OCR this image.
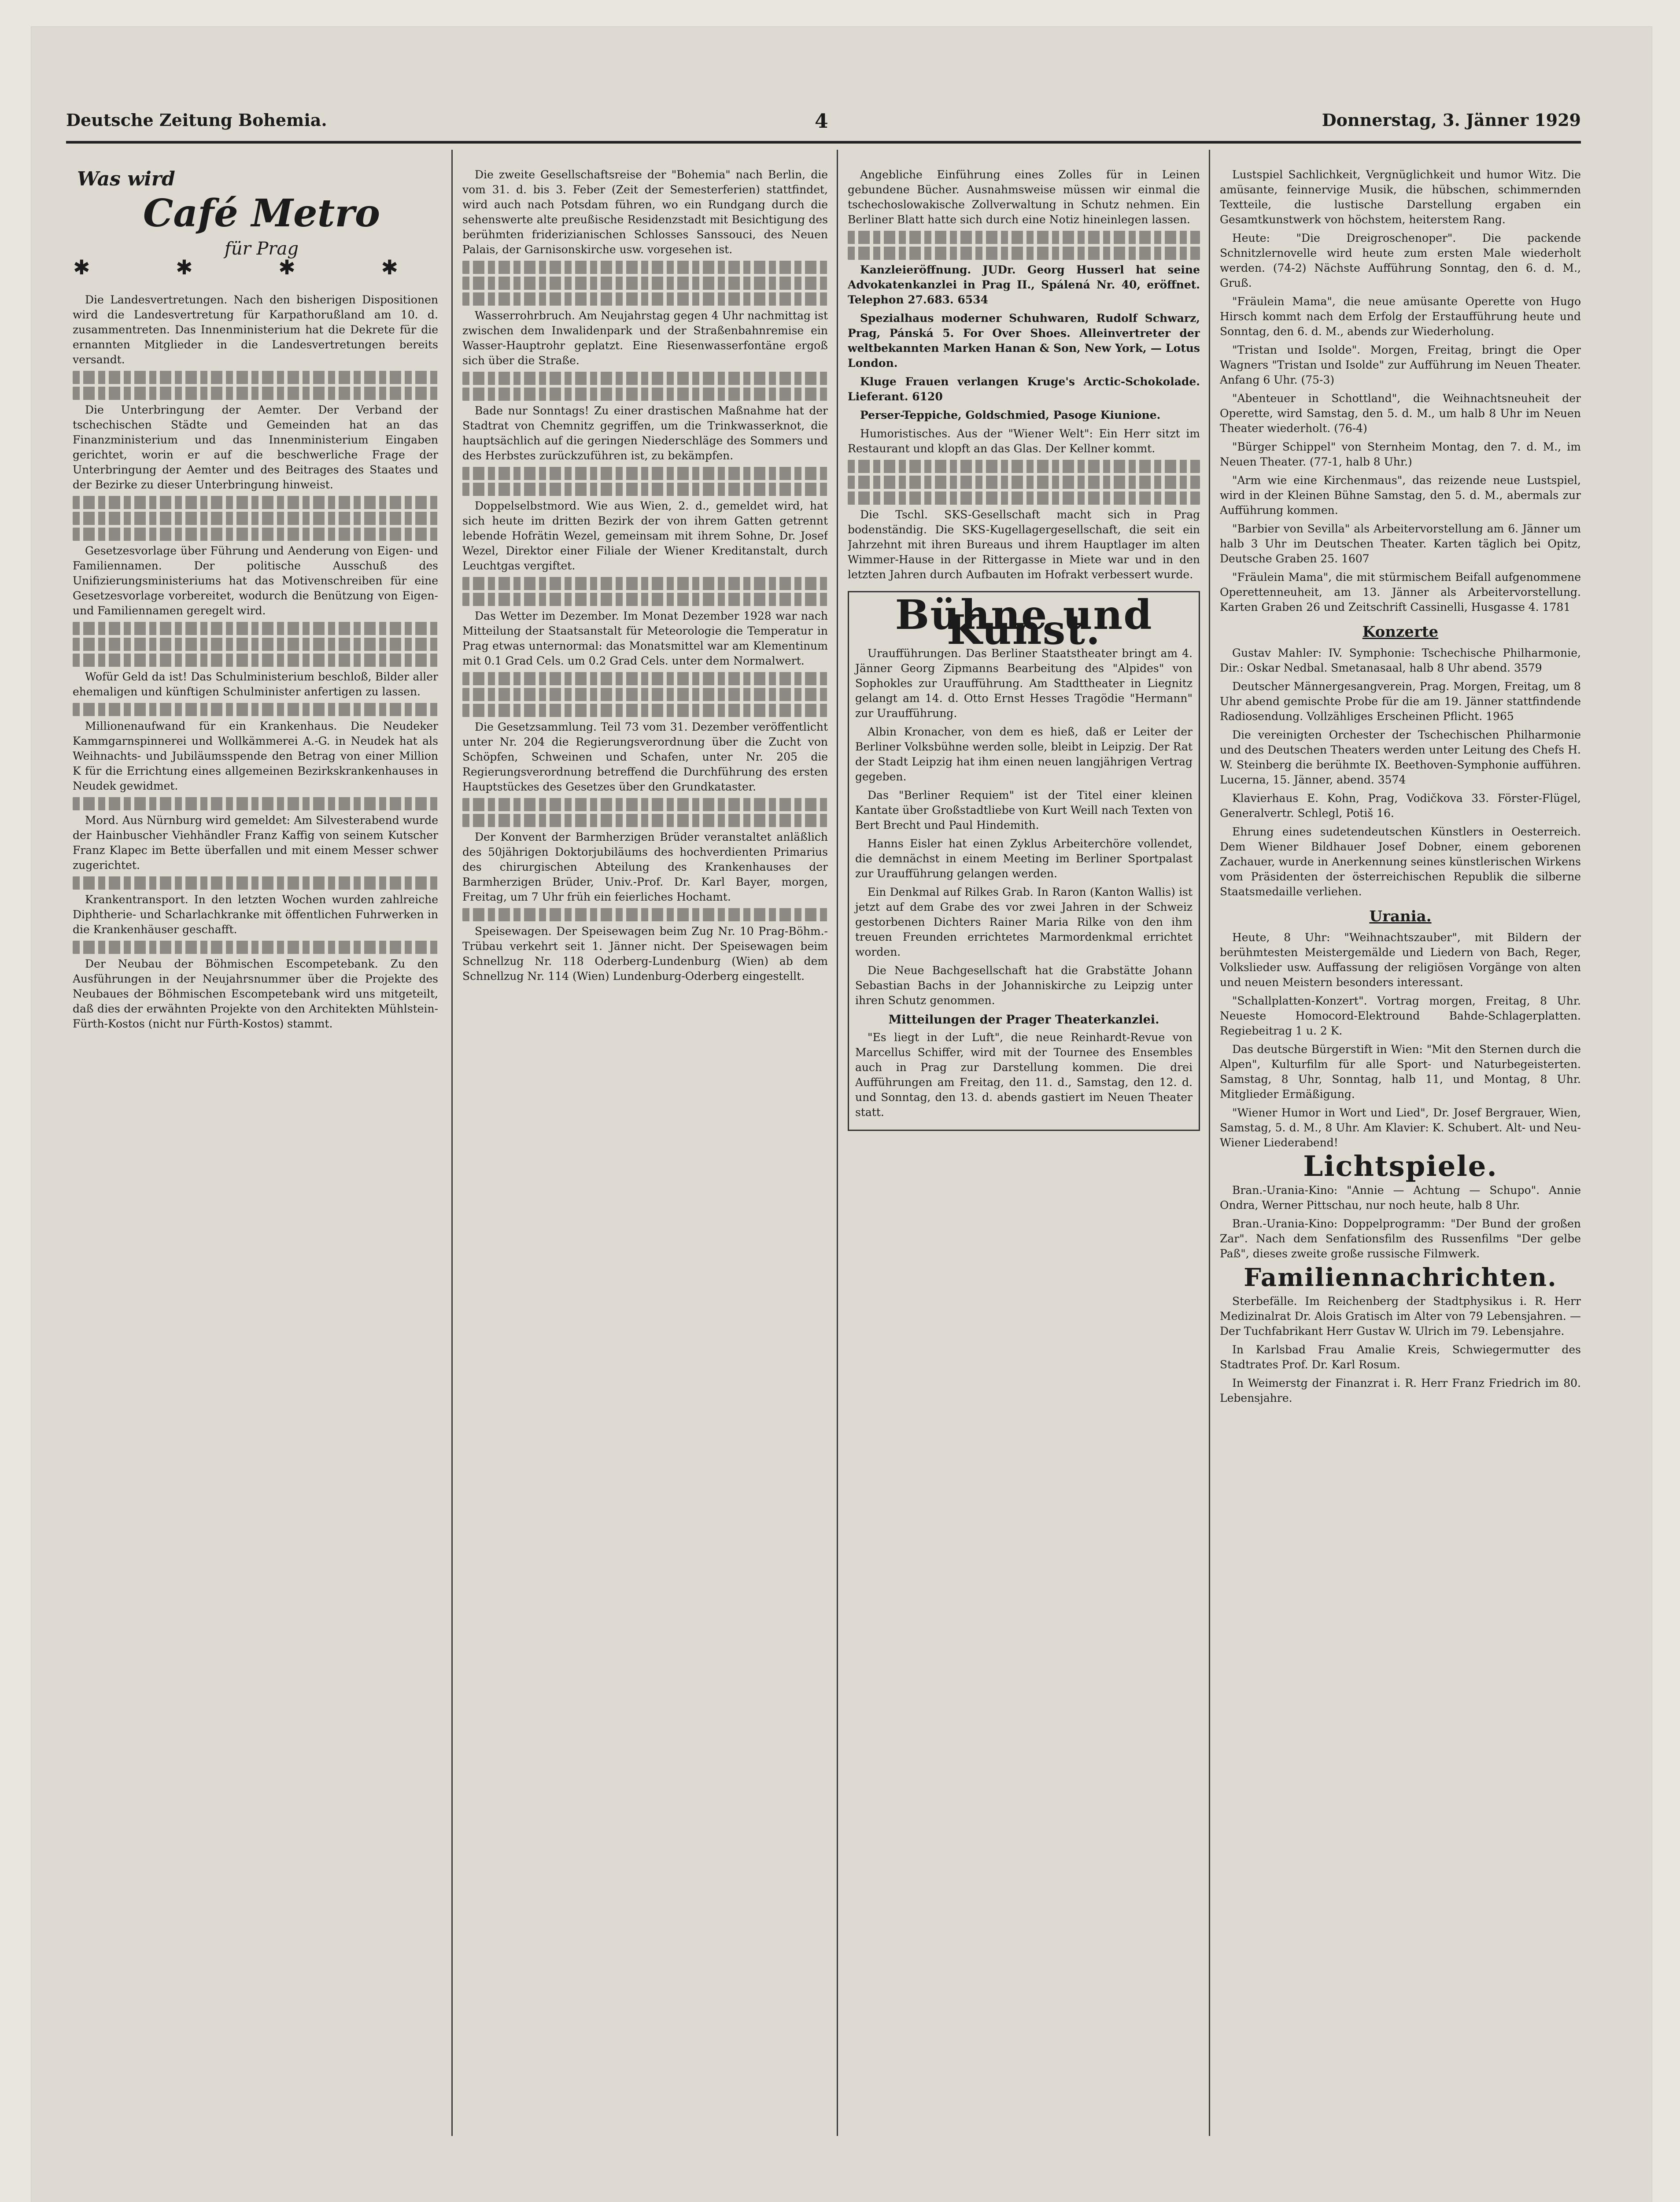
Deutsche Zeitung Bohemia.	4	Donnerstag, 3. Jänner 1929
Was wird

Café Metro

für Prag

✱ ✱ ✱ ✱

Die Landesvertretungen. Nach den bisherigen Dispositionen wird die Landesvertretung für Karpathorußland am 10. d. zusammentreten. Das Innenministerium hat die Dekrete für die ernannten Mitglieder in die Landesvertretungen bereits versandt.

Die Unterbringung der Aemter. Der Verband der tschechischen Städte und Gemeinden hat an das Finanzministerium und das Innenministerium Eingaben gerichtet, worin er auf die beschwerliche Frage der Unterbringung der Aemter und des Beitrages des Staates und der Bezirke zu dieser Unterbringung hinweist.

Gesetzesvorlage über Führung und Aenderung von Eigen- und Familiennamen. Der politische Ausschuß des Unifizierungsministeriums hat das Motivenschreiben für eine Gesetzesvorlage vorbereitet, wodurch die Benützung von Eigen- und Familiennamen geregelt wird.

Wofür Geld da ist! Das Schulministerium beschloß, Bilder aller ehemaligen und künftigen Schulminister anfertigen zu lassen.

Millionenaufwand für ein Krankenhaus. Die Neudeker Kammgarnspinnerei und Wollkämmerei A.-G. in Neudek hat als Weihnachts- und Jubiläumsspende den Betrag von einer Million K für die Errichtung eines allgemeinen Bezirkskrankenhauses in Neudek gewidmet.

Mord. Aus Nürnburg wird gemeldet: Am Silvesterabend wurde der Hainbuscher Viehhändler Franz Kaffig von seinem Kutscher Franz Klapec im Bette überfallen und mit einem Messer schwer zugerichtet.

Krankentransport. In den letzten Wochen wurden zahlreiche Diphtherie- und Scharlachkranke mit öffentlichen Fuhrwerken in die Krankenhäuser geschafft.

Der Neubau der Böhmischen Escompetebank. Zu den Ausführungen in der Neujahrsnummer über die Projekte des Neubaues der Böhmischen Escompetebank wird uns mitgeteilt, daß dies der erwähnten Projekte von den Architekten Mühlstein-Fürth-Kostos (nicht nur Fürth-Kostos) stammt.

Die zweite Gesellschaftsreise der "Bohemia" nach Berlin, die vom 31. d. bis 3. Feber (Zeit der Semesterferien) stattfindet, wird auch nach Potsdam führen, wo ein Rundgang durch die sehenswerte alte preußische Residenzstadt mit Besichtigung des berühmten friderizianischen Schlosses Sanssouci, des Neuen Palais, der Garnisonskirche usw. vorgesehen ist.

Wasserrohrbruch. Am Neujahrstag gegen 4 Uhr nachmittag ist zwischen dem Inwalidenpark und der Straßenbahnremise ein Wasser-Hauptrohr geplatzt. Eine Riesenwasserfontäne ergoß sich über die Straße.

Bade nur Sonntags! Zu einer drastischen Maßnahme hat der Stadtrat von Chemnitz gegriffen, um die Trinkwasserknot, die hauptsächlich auf die geringen Niederschläge des Sommers und des Herbstes zurückzuführen ist, zu bekämpfen.

Doppelselbstmord. Wie aus Wien, 2. d., gemeldet wird, hat sich heute im dritten Bezirk der von ihrem Gatten getrennt lebende Hofrätin Wezel, gemeinsam mit ihrem Sohne, Dr. Josef Wezel, Direktor einer Filiale der Wiener Kreditanstalt, durch Leuchtgas vergiftet.

Das Wetter im Dezember. Im Monat Dezember 1928 war nach Mitteilung der Staatsanstalt für Meteorologie die Temperatur in Prag etwas unternormal: das Monatsmittel war am Klementinum mit 0.1 Grad Cels. um 0.2 Grad Cels. unter dem Normalwert.

Die Gesetzsammlung. Teil 73 vom 31. Dezember veröffentlicht unter Nr. 204 die Regierungsverordnung über die Zucht von Schöpfen, Schweinen und Schafen, unter Nr. 205 die Regierungsverordnung betreffend die Durchführung des ersten Hauptstückes des Gesetzes über den Grundkataster.

Der Konvent der Barmherzigen Brüder veranstaltet anläßlich des 50jährigen Doktorjubiläums des hochverdienten Primarius des chirurgischen Abteilung des Krankenhauses der Barmherzigen Brüder, Univ.-Prof. Dr. Karl Bayer, morgen, Freitag, um 7 Uhr früh ein feierliches Hochamt.

Speisewagen. Der Speisewagen beim Zug Nr. 10 Prag-Böhm.-Trübau verkehrt seit 1. Jänner nicht. Der Speisewagen beim Schnellzug Nr. 118 Oderberg-Lundenburg (Wien) ab dem Schnellzug Nr. 114 (Wien) Lundenburg-Oderberg eingestellt.

Angebliche Einführung eines Zolles für in Leinen gebundene Bücher. Ausnahmsweise müssen wir einmal die tschechoslowakische Zollverwaltung in Schutz nehmen. Ein Berliner Blatt hatte sich durch eine Notiz hineinlegen lassen.

Kanzleieröffnung. JUDr. Georg Husserl hat seine Advokatenkanzlei in Prag II., Spálená Nr. 40, eröffnet. Telephon 27.683. 6534

Spezialhaus moderner Schuhwaren, Rudolf Schwarz, Prag, Pánská 5. For Over Shoes. Alleinvertreter der weltbekannten Marken Hanan & Son, New York, — Lotus London.

Kluge Frauen verlangen Kruge's Arctic-Schokolade. Lieferant. 6120

Perser-Teppiche, Goldschmied, Pasoge Kiunione.

Humoristisches. Aus der "Wiener Welt": Ein Herr sitzt im Restaurant und klopft an das Glas. Der Kellner kommt.

Die Tschl. SKS-Gesellschaft macht sich in Prag bodenständig. Die SKS-Kugellagergesellschaft, die seit ein Jahrzehnt mit ihren Bureaus und ihrem Hauptlager im alten Wimmer-Hause in der Rittergasse in Miete war und in den letzten Jahren durch Aufbauten im Hofrakt verbessert wurde.

Bühne und Kunst.

Uraufführungen. Das Berliner Staatstheater bringt am 4. Jänner Georg Zipmanns Bearbeitung des "Alpides" von Sophokles zur Uraufführung. Am Stadttheater in Liegnitz gelangt am 14. d. Otto Ernst Hesses Tragödie "Hermann" zur Uraufführung.

Albin Kronacher, von dem es hieß, daß er Leiter der Berliner Volksbühne werden solle, bleibt in Leipzig. Der Rat der Stadt Leipzig hat ihm einen neuen langjährigen Vertrag gegeben.

Das "Berliner Requiem" ist der Titel einer kleinen Kantate über Großstadtliebe von Kurt Weill nach Texten von Bert Brecht und Paul Hindemith.

Hanns Eisler hat einen Zyklus Arbeiterchöre vollendet, die demnächst in einem Meeting im Berliner Sportpalast zur Uraufführung gelangen werden.

Ein Denkmal auf Rilkes Grab. In Raron (Kanton Wallis) ist jetzt auf dem Grabe des vor zwei Jahren in der Schweiz gestorbenen Dichters Rainer Maria Rilke von den ihm treuen Freunden errichtetes Marmordenkmal errichtet worden.

Die Neue Bachgesellschaft hat die Grabstätte Johann Sebastian Bachs in der Johanniskirche zu Leipzig unter ihren Schutz genommen.

Mitteilungen der Prager Theaterkanzlei.

"Es liegt in der Luft", die neue Reinhardt-Revue von Marcellus Schiffer, wird mit der Tournee des Ensembles auch in Prag zur Darstellung kommen. Die drei Aufführungen am Freitag, den 11. d., Samstag, den 12. d. und Sonntag, den 13. d. abends gastiert im Neuen Theater statt.

Lustspiel Sachlichkeit, Vergnüglichkeit und humor Witz. Die amüsante, feinnervige Musik, die hübschen, schimmernden Textteile, die lustische Darstellung ergaben ein Gesamtkunstwerk von höchstem, heiterstem Rang.

Heute: "Die Dreigroschenoper". Die packende Schnitzlernovelle wird heute zum ersten Male wiederholt werden. (74-2) Nächste Aufführung Sonntag, den 6. d. M., Gruß.

"Fräulein Mama", die neue amüsante Operette von Hugo Hirsch kommt nach dem Erfolg der Erstaufführung heute und Sonntag, den 6. d. M., abends zur Wiederholung.

"Tristan und Isolde". Morgen, Freitag, bringt die Oper Wagners "Tristan und Isolde" zur Aufführung im Neuen Theater. Anfang 6 Uhr. (75-3)

"Abenteuer in Schottland", die Weihnachtsneuheit der Operette, wird Samstag, den 5. d. M., um halb 8 Uhr im Neuen Theater wiederholt. (76-4)

"Bürger Schippel" von Sternheim Montag, den 7. d. M., im Neuen Theater. (77-1, halb 8 Uhr.)

"Arm wie eine Kirchenmaus", das reizende neue Lustspiel, wird in der Kleinen Bühne Samstag, den 5. d. M., abermals zur Aufführung kommen.

"Barbier von Sevilla" als Arbeitervorstellung am 6. Jänner um halb 3 Uhr im Deutschen Theater. Karten täglich bei Opitz, Deutsche Graben 25. 1607

"Fräulein Mama", die mit stürmischem Beifall aufgenommene Operettenneuheit, am 13. Jänner als Arbeitervorstellung. Karten Graben 26 und Zeitschrift Cassinelli, Husgasse 4. 1781

Konzerte

Gustav Mahler: IV. Symphonie: Tschechische Philharmonie, Dir.: Oskar Nedbal. Smetanasaal, halb 8 Uhr abend. 3579

Deutscher Männergesangverein, Prag. Morgen, Freitag, um 8 Uhr abend gemischte Probe für die am 19. Jänner stattfindende Radiosendung. Vollzähliges Erscheinen Pflicht. 1965

Die vereinigten Orchester der Tschechischen Philharmonie und des Deutschen Theaters werden unter Leitung des Chefs H. W. Steinberg die berühmte IX. Beethoven-Symphonie aufführen. Lucerna, 15. Jänner, abend. 3574

Klavierhaus E. Kohn, Prag, Vodičkova 33. Förster-Flügel, Generalvertr. Schlegl, Potiš 16.

Ehrung eines sudetendeutschen Künstlers in Oesterreich. Dem Wiener Bildhauer Josef Dobner, einem geborenen Zachauer, wurde in Anerkennung seines künstlerischen Wirkens vom Präsidenten der österreichischen Republik die silberne Staatsmedaille verliehen.

Urania.

Heute, 8 Uhr: "Weihnachtszauber", mit Bildern der berühmtesten Meistergemälde und Liedern von Bach, Reger, Volkslieder usw. Auffassung der religiösen Vorgänge von alten und neuen Meistern besonders interessant.

"Schallplatten-Konzert". Vortrag morgen, Freitag, 8 Uhr. Neueste Homocord-Elektround Bahde-Schlagerplatten. Regiebeitrag 1 u. 2 K.

Das deutsche Bürgerstift in Wien: "Mit den Sternen durch die Alpen", Kulturfilm für alle Sport- und Naturbegeisterten. Samstag, 8 Uhr, Sonntag, halb 11, und Montag, 8 Uhr. Mitglieder Ermäßigung.

"Wiener Humor in Wort und Lied", Dr. Josef Bergrauer, Wien, Samstag, 5. d. M., 8 Uhr. Am Klavier: K. Schubert. Alt- und Neu-Wiener Liederabend!

Lichtspiele.

Bran.-Urania-Kino: "Annie — Achtung — Schupo". Annie Ondra, Werner Pittschau, nur noch heute, halb 8 Uhr.

Bran.-Urania-Kino: Doppelprogramm: "Der Bund der großen Zar". Nach dem Senfationsfilm des Russenfilms "Der gelbe Paß", dieses zweite große russische Filmwerk.

Familiennachrichten.

Sterbefälle. Im Reichenberg der Stadtphysikus i. R. Herr Medizinalrat Dr. Alois Gratisch im Alter von 79 Lebensjahren. — Der Tuchfabrikant Herr Gustav W. Ulrich im 79. Lebensjahre.

In Karlsbad Frau Amalie Kreis, Schwiegermutter des Stadtrates Prof. Dr. Karl Rosum.

In Weimerstg der Finanzrat i. R. Herr Franz Friedrich im 80. Lebensjahre.
